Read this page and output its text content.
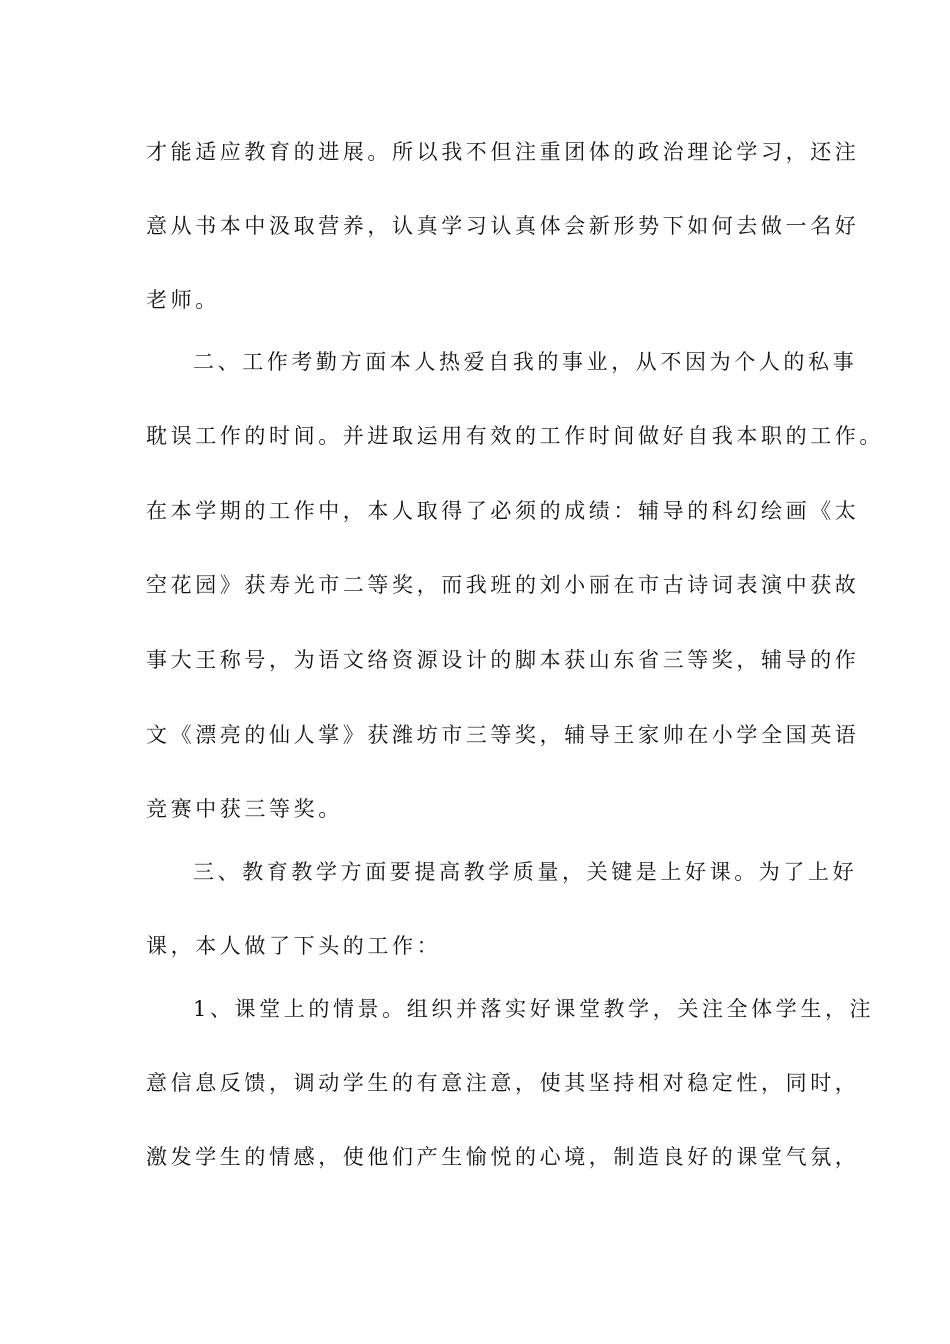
才能适应教育的进展。所以我不但注重团体的政治理论学习，还注
意从书本中汲取营养，认真学习认真体会新形势下如何去做一名好
老师。
二、工作考勤方面本人热爱自我的事业，从不因为个人的私事
耽误工作的时间。并进取运用有效的工作时间做好自我本职的工作。
在本学期的工作中，本人取得了必须的成绩：辅导的科幻绘画《太
空花园》获寿光市二等奖，而我班的刘小丽在市古诗词表演中获故
事大王称号，为语文络资源设计的脚本获山东省三等奖，辅导的作
文《漂亮的仙人掌》获潍坊市三等奖，辅导王家帅在小学全国英语
竞赛中获三等奖。
三、教育教学方面要提高教学质量，关键是上好课。为了上好
课，本人做了下头的工作：
1、课堂上的情景。组织并落实好课堂教学，关注全体学生，注
意信息反馈，调动学生的有意注意，使其坚持相对稳定性，同时，
激发学生的情感，使他们产生愉悦的心境，制造良好的课堂气氛，
